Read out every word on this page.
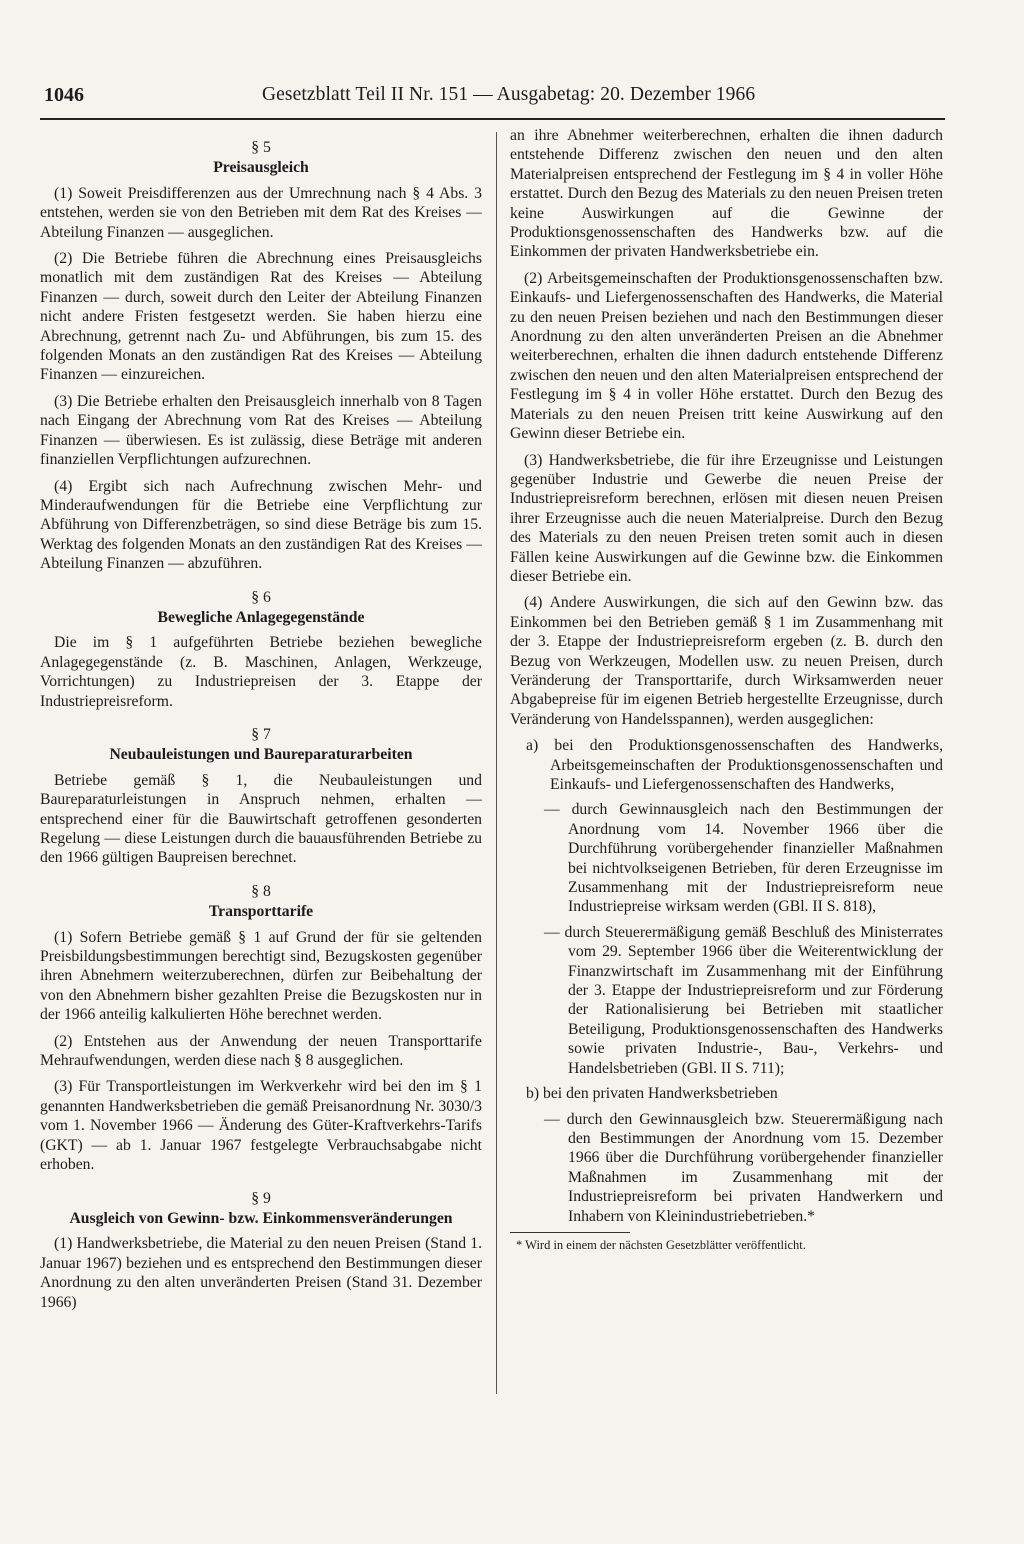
1046	Gesetzblatt Teil II Nr. 151 — Ausgabetag: 20. Dezember 1966
§ 5
Preisausgleich

(1) Soweit Preisdifferenzen aus der Umrechnung nach § 4 Abs. 3 entstehen, werden sie von den Betrieben mit dem Rat des Kreises — Abteilung Finanzen — ausgeglichen.

(2) Die Betriebe führen die Abrechnung eines Preisausgleichs monatlich mit dem zuständigen Rat des Kreises — Abteilung Finanzen — durch, soweit durch den Leiter der Abteilung Finanzen nicht andere Fristen festgesetzt werden. Sie haben hierzu eine Abrechnung, getrennt nach Zu- und Abführungen, bis zum 15. des folgenden Monats an den zuständigen Rat des Kreises — Abteilung Finanzen — einzureichen.

(3) Die Betriebe erhalten den Preisausgleich innerhalb von 8 Tagen nach Eingang der Abrechnung vom Rat des Kreises — Abteilung Finanzen — überwiesen. Es ist zulässig, diese Beträge mit anderen finanziellen Verpflichtungen aufzurechnen.

(4) Ergibt sich nach Aufrechnung zwischen Mehr- und Minderaufwendungen für die Betriebe eine Verpflichtung zur Abführung von Differenzbeträgen, so sind diese Beträge bis zum 15. Werktag des folgenden Monats an den zuständigen Rat des Kreises — Abteilung Finanzen — abzuführen.

§ 6
Bewegliche Anlagegegenstände

Die im § 1 aufgeführten Betriebe beziehen bewegliche Anlagegegenstände (z. B. Maschinen, Anlagen, Werkzeuge, Vorrichtungen) zu Industriepreisen der 3. Etappe der Industriepreisreform.

§ 7
Neubauleistungen und Baureparaturarbeiten

Betriebe gemäß § 1, die Neubauleistungen und Baureparaturleistungen in Anspruch nehmen, erhalten — entsprechend einer für die Bauwirtschaft getroffenen gesonderten Regelung — diese Leistungen durch die bauausführenden Betriebe zu den 1966 gültigen Baupreisen berechnet.

§ 8
Transporttarife

(1) Sofern Betriebe gemäß § 1 auf Grund der für sie geltenden Preisbildungsbestimmungen berechtigt sind, Bezugskosten gegenüber ihren Abnehmern weiterzuberechnen, dürfen zur Beibehaltung der von den Abnehmern bisher gezahlten Preise die Bezugskosten nur in der 1966 anteilig kalkulierten Höhe berechnet werden.

(2) Entstehen aus der Anwendung der neuen Transporttarife Mehraufwendungen, werden diese nach § 8 ausgeglichen.

(3) Für Transportleistungen im Werkverkehr wird bei den im § 1 genannten Handwerksbetrieben die gemäß Preisanordnung Nr. 3030/3 vom 1. November 1966 — Änderung des Güter-Kraftverkehrs-Tarifs (GKT) — ab 1. Januar 1967 festgelegte Verbrauchsabgabe nicht erhoben.

§ 9
Ausgleich von Gewinn- bzw. Einkommensveränderungen

(1) Handwerksbetriebe, die Material zu den neuen Preisen (Stand 1. Januar 1967) beziehen und es entsprechend den Bestimmungen dieser Anordnung zu den alten unveränderten Preisen (Stand 31. Dezember 1966)

an ihre Abnehmer weiterberechnen, erhalten die ihnen dadurch entstehende Differenz zwischen den neuen und den alten Materialpreisen entsprechend der Festlegung im § 4 in voller Höhe erstattet. Durch den Bezug des Materials zu den neuen Preisen treten keine Auswirkungen auf die Gewinne der Produktionsgenossenschaften des Handwerks bzw. auf die Einkommen der privaten Handwerksbetriebe ein.

(2) Arbeitsgemeinschaften der Produktionsgenossenschaften bzw. Einkaufs- und Liefergenossenschaften des Handwerks, die Material zu den neuen Preisen beziehen und nach den Bestimmungen dieser Anordnung zu den alten unveränderten Preisen an die Abnehmer weiterberechnen, erhalten die ihnen dadurch entstehende Differenz zwischen den neuen und den alten Materialpreisen entsprechend der Festlegung im § 4 in voller Höhe erstattet. Durch den Bezug des Materials zu den neuen Preisen tritt keine Auswirkung auf den Gewinn dieser Betriebe ein.

(3) Handwerksbetriebe, die für ihre Erzeugnisse und Leistungen gegenüber Industrie und Gewerbe die neuen Preise der Industriepreisreform berechnen, erlösen mit diesen neuen Preisen ihrer Erzeugnisse auch die neuen Materialpreise. Durch den Bezug des Materials zu den neuen Preisen treten somit auch in diesen Fällen keine Auswirkungen auf die Gewinne bzw. die Einkommen dieser Betriebe ein.

(4) Andere Auswirkungen, die sich auf den Gewinn bzw. das Einkommen bei den Betrieben gemäß § 1 im Zusammenhang mit der 3. Etappe der Industriepreisreform ergeben (z. B. durch den Bezug von Werkzeugen, Modellen usw. zu neuen Preisen, durch Veränderung der Transporttarife, durch Wirksamwerden neuer Abgabepreise für im eigenen Betrieb hergestellte Erzeugnisse, durch Veränderung von Handelsspannen), werden ausgeglichen:

a) bei den Produktionsgenossenschaften des Handwerks, Arbeitsgemeinschaften der Produktionsgenossenschaften und Einkaufs- und Liefergenossenschaften des Handwerks,
— durch Gewinnausgleich nach den Bestimmungen der Anordnung vom 14. November 1966 über die Durchführung vorübergehender finanzieller Maßnahmen bei nichtvolkseigenen Betrieben, für deren Erzeugnisse im Zusammenhang mit der Industriepreisreform neue Industriepreise wirksam werden (GBl. II S. 818),
— durch Steuerermäßigung gemäß Beschluß des Ministerrates vom 29. September 1966 über die Weiterentwicklung der Finanzwirtschaft im Zusammenhang mit der Einführung der 3. Etappe der Industriepreisreform und zur Förderung der Rationalisierung bei Betrieben mit staatlicher Beteiligung, Produktionsgenossenschaften des Handwerks sowie privaten Industrie-, Bau-, Verkehrs- und Handelsbetrieben (GBl. II S. 711);
b) bei den privaten Handwerksbetrieben
— durch den Gewinnausgleich bzw. Steuerermäßigung nach den Bestimmungen der Anordnung vom 15. Dezember 1966 über die Durchführung vorübergehender finanzieller Maßnahmen im Zusammenhang mit der Industriepreisreform bei privaten Handwerkern und Inhabern von Kleinindustriebetrieben.*

* Wird in einem der nächsten Gesetzblätter veröffentlicht.
